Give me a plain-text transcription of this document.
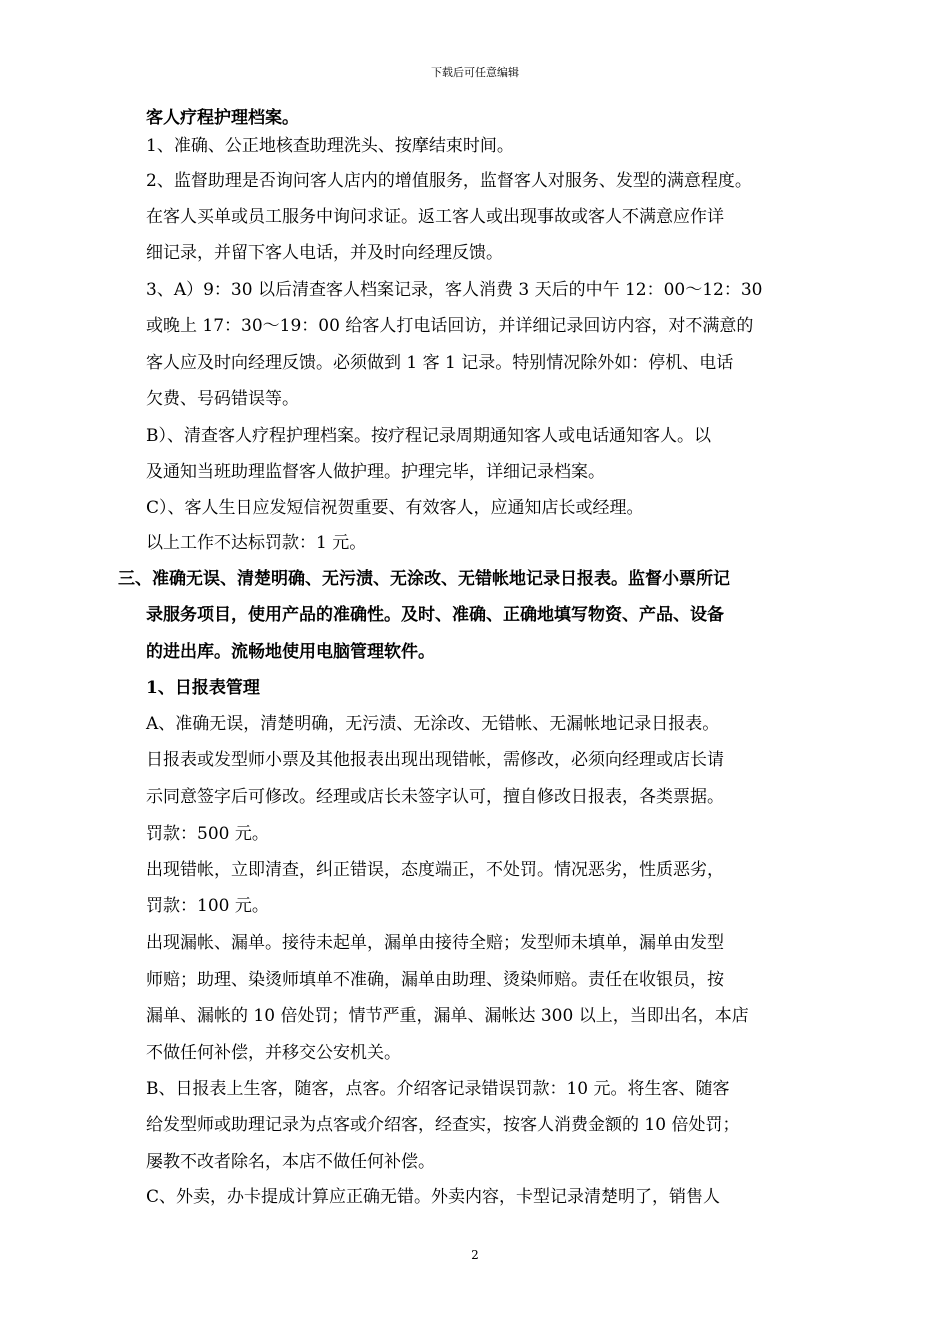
下载后可任意编辑
客人疗程护理档案。
1、准确、公正地核查助理洗头、按摩结束时间。
2、监督助理是否询问客人店内的增值服务，监督客人对服务、发型的满意程度。
在客人买单或员工服务中询问求证。返工客人或出现事故或客人不满意应作详
细记录，并留下客人电话，并及时向经理反馈。
3、A）9：30 以后清查客人档案记录，客人消费 3 天后的中午 12：00～12：30
或晚上 17：30～19：00 给客人打电话回访，并详细记录回访内容，对不满意的
客人应及时向经理反馈。必须做到 1 客 1 记录。特别情况除外如：停机、电话
欠费、号码错误等。
B）、清查客人疗程护理档案。按疗程记录周期通知客人或电话通知客人。以
及通知当班助理监督客人做护理。护理完毕，详细记录档案。
C）、客人生日应发短信祝贺重要、有效客人，应通知店长或经理。
以上工作不达标罚款：1 元。
三、准确无误、清楚明确、无污渍、无涂改、无错帐地记录日报表。监督小票所记
录服务项目，使用产品的准确性。及时、准确、正确地填写物资、产品、设备
的进出库。流畅地使用电脑管理软件。
1、日报表管理
A、准确无误，清楚明确，无污渍、无涂改、无错帐、无漏帐地记录日报表。
日报表或发型师小票及其他报表出现出现错帐，需修改，必须向经理或店长请
示同意签字后可修改。经理或店长未签字认可，擅自修改日报表，各类票据。
罚款：500 元。
出现错帐，立即清查，纠正错误，态度端正，不处罚。情况恶劣，性质恶劣，
罚款：100 元。
出现漏帐、漏单。接待未起单，漏单由接待全赔；发型师未填单，漏单由发型
师赔；助理、染烫师填单不准确，漏单由助理、烫染师赔。责任在收银员，按
漏单、漏帐的 10 倍处罚；情节严重，漏单、漏帐达 300 以上，当即出名，本店
不做任何补偿，并移交公安机关。
B、日报表上生客，随客，点客。介绍客记录错误罚款：10 元。将生客、随客
给发型师或助理记录为点客或介绍客，经查实，按客人消费金额的 10 倍处罚；
屡教不改者除名，本店不做任何补偿。
C、外卖，办卡提成计算应正确无错。外卖内容，卡型记录清楚明了，销售人
2
